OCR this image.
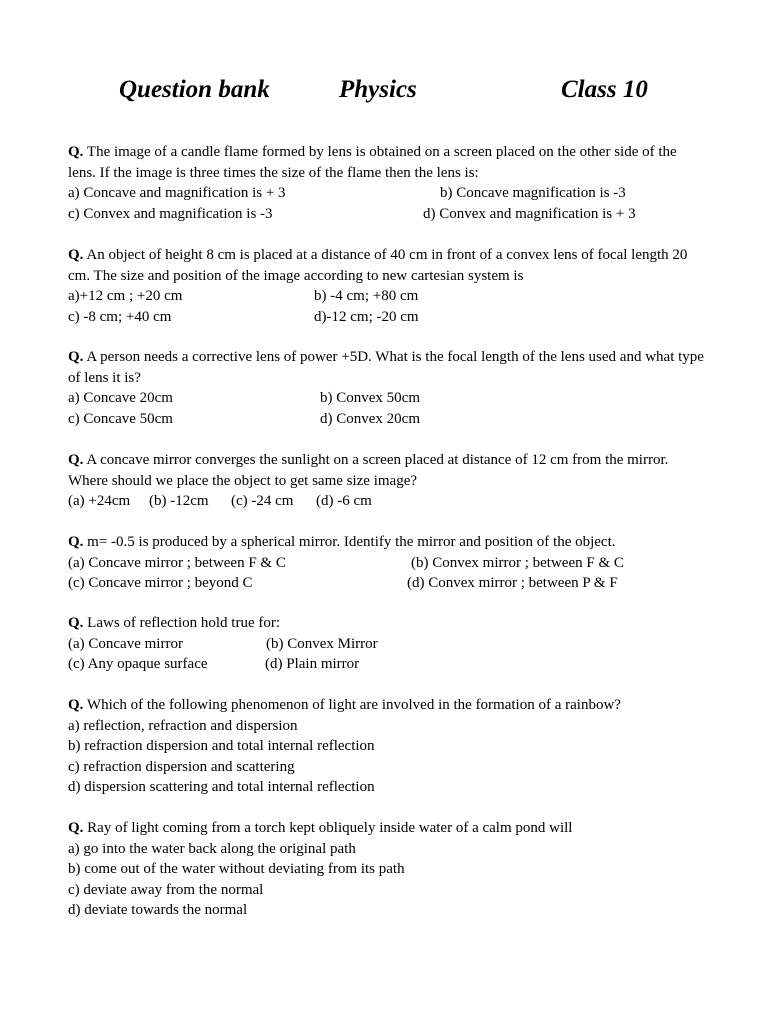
Question bank	Physics	Class 10

Q. The image of a candle flame formed by lens is obtained on a screen placed on the other side of the lens. If the image is three times the size of the flame then the lens is:

a) Concave and magnification is + 3	b) Concave magnification is -3
c) Convex and magnification is -3	d) Convex and magnification is + 3

Q. An object of height 8 cm is placed at a distance of 40 cm in front of a convex lens of focal length 20 cm. The size and position of the image according to new cartesian system is

a)+12 cm ; +20 cm	b) -4 cm; +80 cm
c) -8 cm; +40 cm	d)-12 cm; -20 cm

Q. A person needs a corrective lens of power +5D. What is the focal length of the lens used and what type of lens it is?

a) Concave 20cm	b) Convex 50cm
c) Concave 50cm	d) Convex 20cm

Q. A concave mirror converges the sunlight on a screen placed at distance of 12 cm from the mirror. Where should we place the object to get same size image?

(a) +24cm (b) -12cm (c) -24 cm (d) -6 cm

Q. m= -0.5 is produced by a spherical mirror. Identify the mirror and position of the object.

(a) Concave mirror ; between F & C	(b) Convex mirror ; between F & C
(c) Concave mirror ; beyond C	(d) Convex mirror ; between P & F

Q. Laws of reflection hold true for:

(a) Concave mirror	(b) Convex Mirror
(c) Any opaque surface	(d) Plain mirror

Q. Which of the following phenomenon of light are involved in the formation of a rainbow?

a) reflection, refraction and dispersion
b) refraction dispersion and total internal reflection
c) refraction dispersion and scattering
d) dispersion scattering and total internal reflection

Q. Ray of light coming from a torch kept obliquely inside water of a calm pond will

a) go into the water back along the original path
b) come out of the water without deviating from its path
c) deviate away from the normal
d) deviate towards the normal
